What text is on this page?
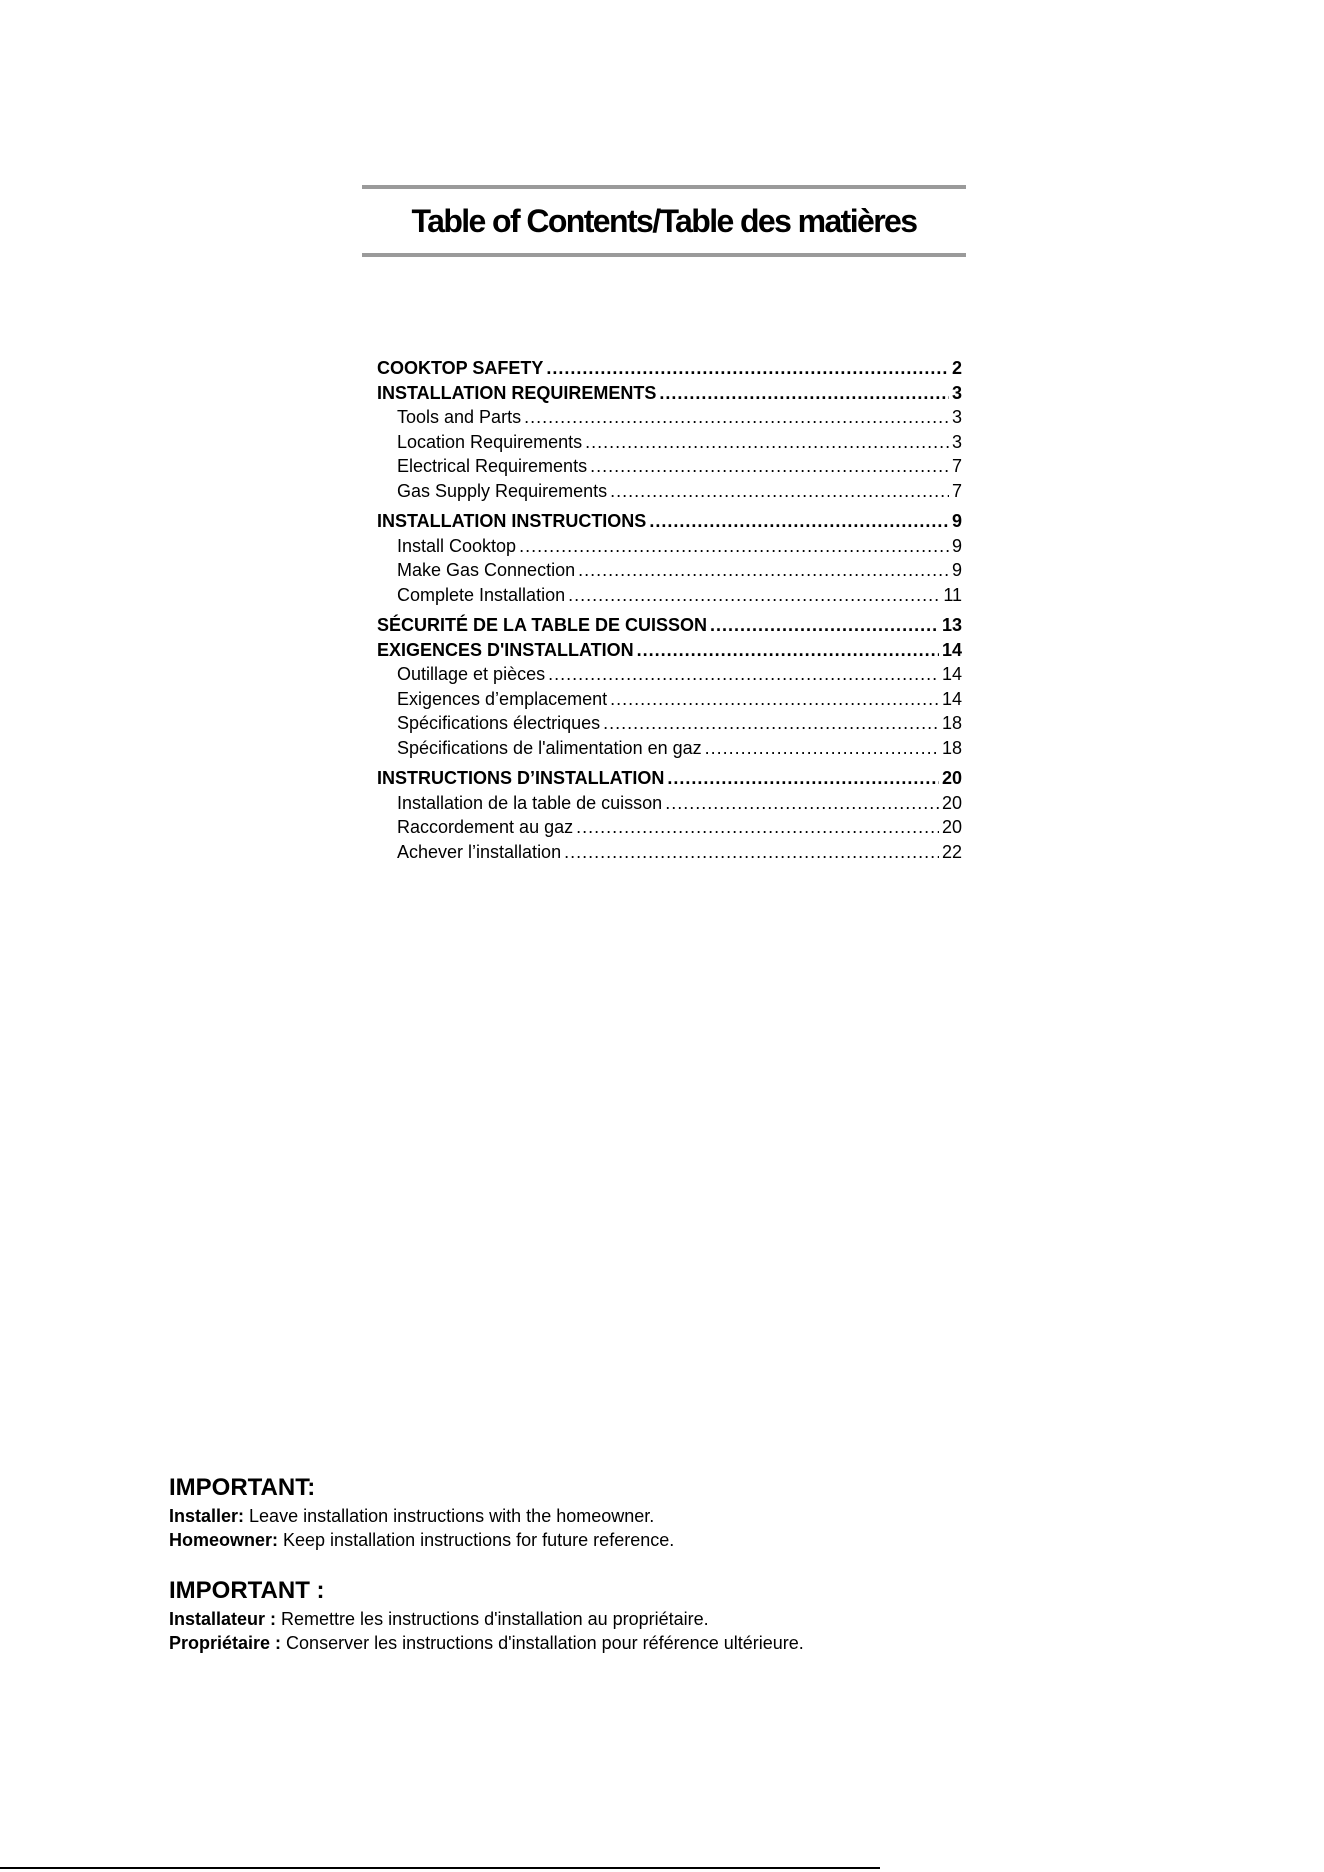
Table of Contents/Table des matières
COOKTOP SAFETY .....	2
INSTALLATION REQUIREMENTS .....	3
Tools and Parts .....	3
Location Requirements .....	3
Electrical Requirements .....	7
Gas Supply Requirements .....	7
INSTALLATION INSTRUCTIONS .....	9
Install Cooktop .....	9
Make Gas Connection .....	9
Complete Installation .....	11
SÉCURITÉ DE LA TABLE DE CUISSON .....	13
EXIGENCES D'INSTALLATION .....	14
Outillage et pièces .....	14
Exigences d’emplacement .....	14
Spécifications électriques .....	18
Spécifications de l'alimentation en gaz .....	18
INSTRUCTIONS D’INSTALLATION .....	20
Installation de la table de cuisson .....	20
Raccordement au gaz .....	20
Achever l’installation .....	22
IMPORTANT:

Installer: Leave installation instructions with the homeowner.

Homeowner: Keep installation instructions for future reference.

IMPORTANT :

Installateur : Remettre les instructions d'installation au propriétaire.

Propriétaire : Conserver les instructions d'installation pour référence ultérieure.
